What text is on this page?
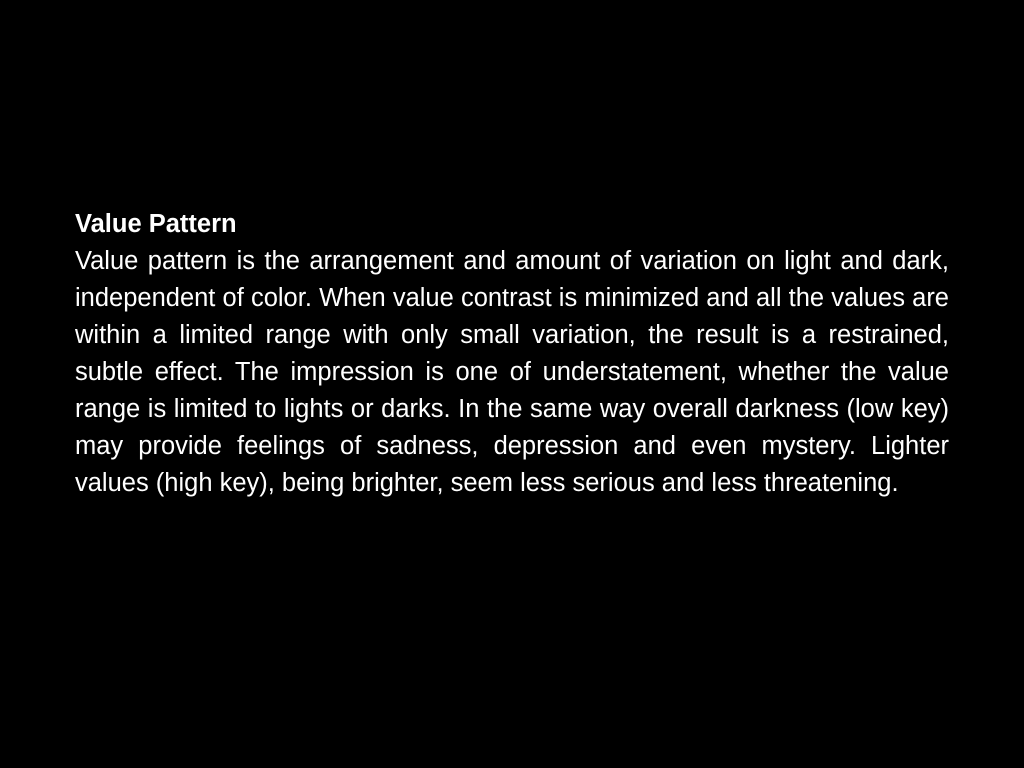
Value Pattern

Value pattern is the arrangement and amount of variation on light and dark, independent of color. When value contrast is minimized and all the values are within a limited range with only small variation, the result is a restrained, subtle effect. The impression is one of understatement, whether the value range is limited to lights or darks. In the same way overall darkness (low key) may provide feelings of sadness, depression and even mystery. Lighter values (high key), being brighter, seem less serious and less threatening.
